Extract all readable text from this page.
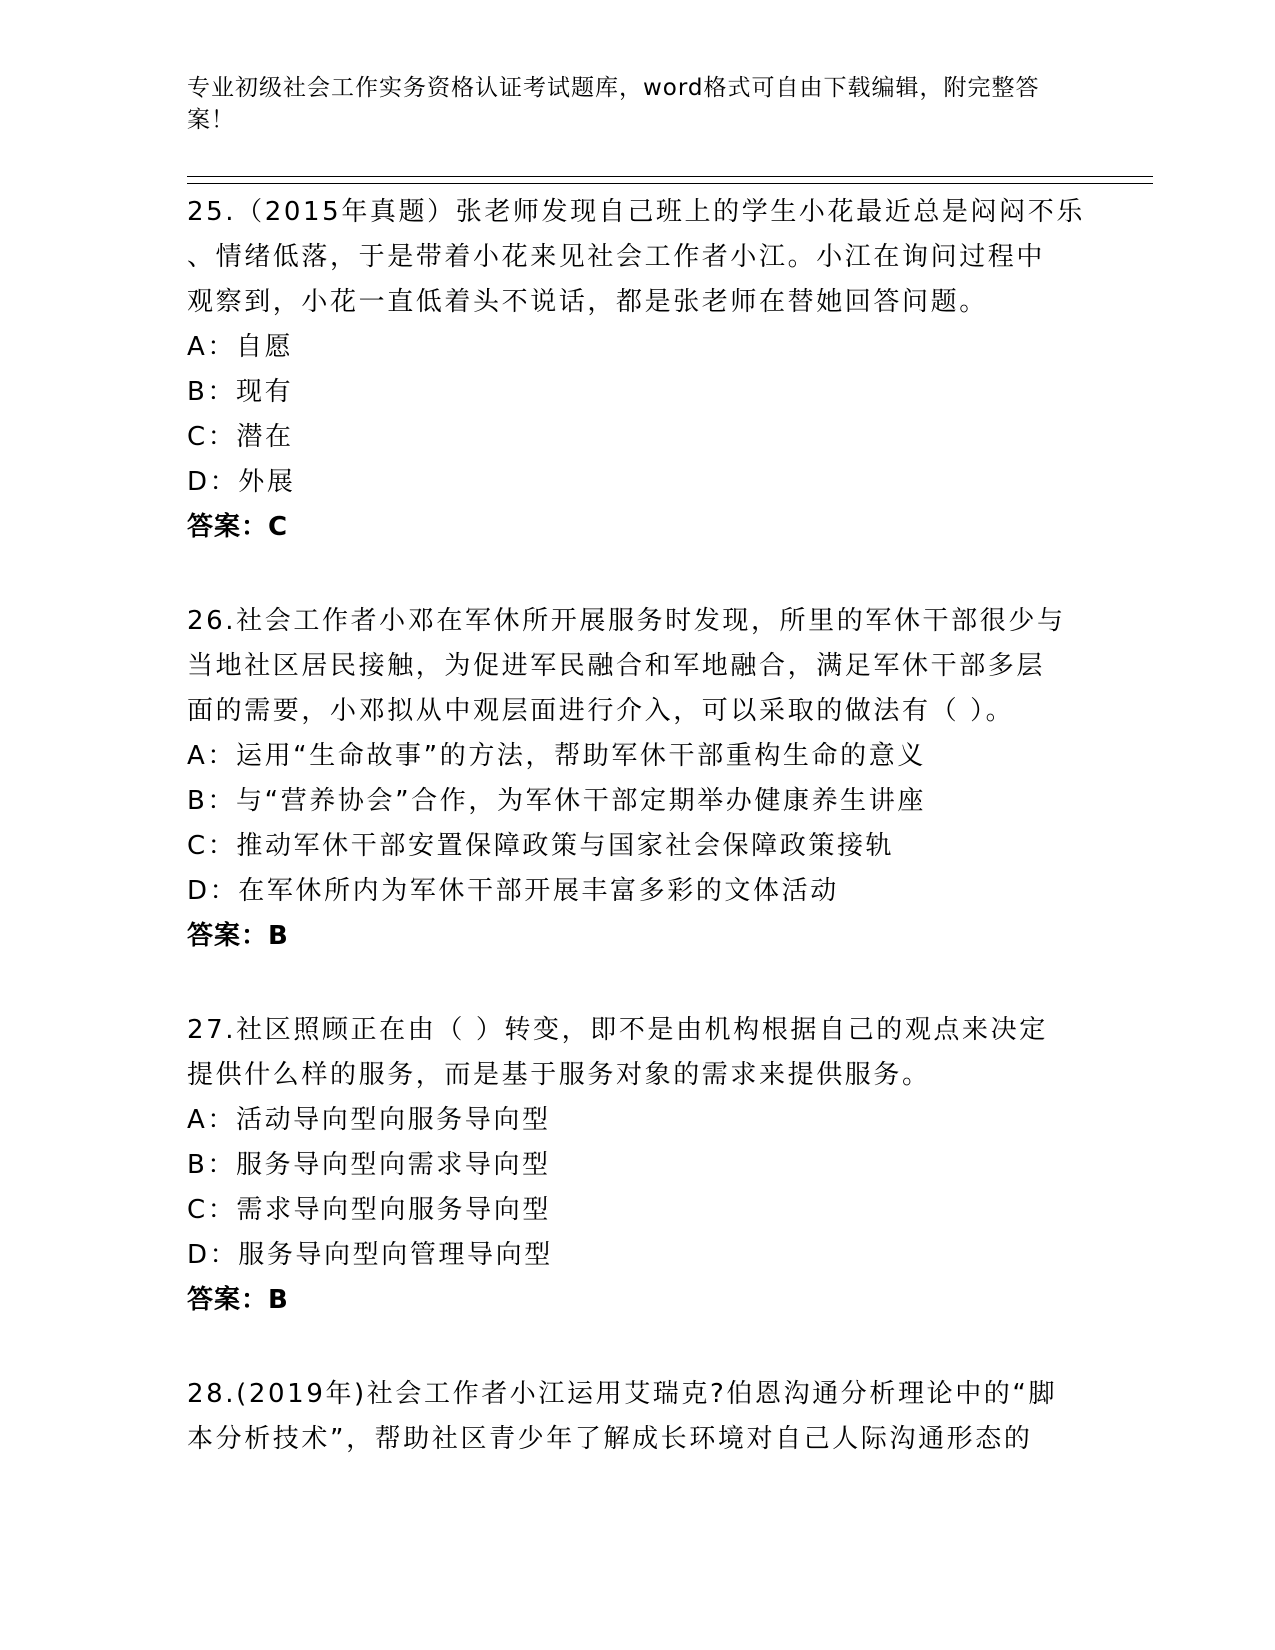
专业初级社会工作实务资格认证考试题库，word格式可自由下载编辑，附完整答案！
25.（2015年真题）张老师发现自己班上的学生小花最近总是闷闷不乐
、情绪低落，于是带着小花来见社会工作者小江。小江在询问过程中
观察到，小花一直低着头不说话，都是张老师在替她回答问题。
A：自愿
B：现有
C：潜在
D：外展
答案：C
26.社会工作者小邓在军休所开展服务时发现，所里的军休干部很少与
当地社区居民接触，为促进军民融合和军地融合，满足军休干部多层
面的需要，小邓拟从中观层面进行介入，可以采取的做法有（ ）。
A：运用“生命故事”的方法，帮助军休干部重构生命的意义
B：与“营养协会”合作，为军休干部定期举办健康养生讲座
C：推动军休干部安置保障政策与国家社会保障政策接轨
D：在军休所内为军休干部开展丰富多彩的文体活动
答案：B
27.社区照顾正在由（ ）转变，即不是由机构根据自己的观点来决定
提供什么样的服务，而是基于服务对象的需求来提供服务。
A：活动导向型向服务导向型
B：服务导向型向需求导向型
C：需求导向型向服务导向型
D：服务导向型向管理导向型
答案：B
28.(2019年)社会工作者小江运用艾瑞克?伯恩沟通分析理论中的“脚
本分析技术”，帮助社区青少年了解成长环境对自己人际沟通形态的
